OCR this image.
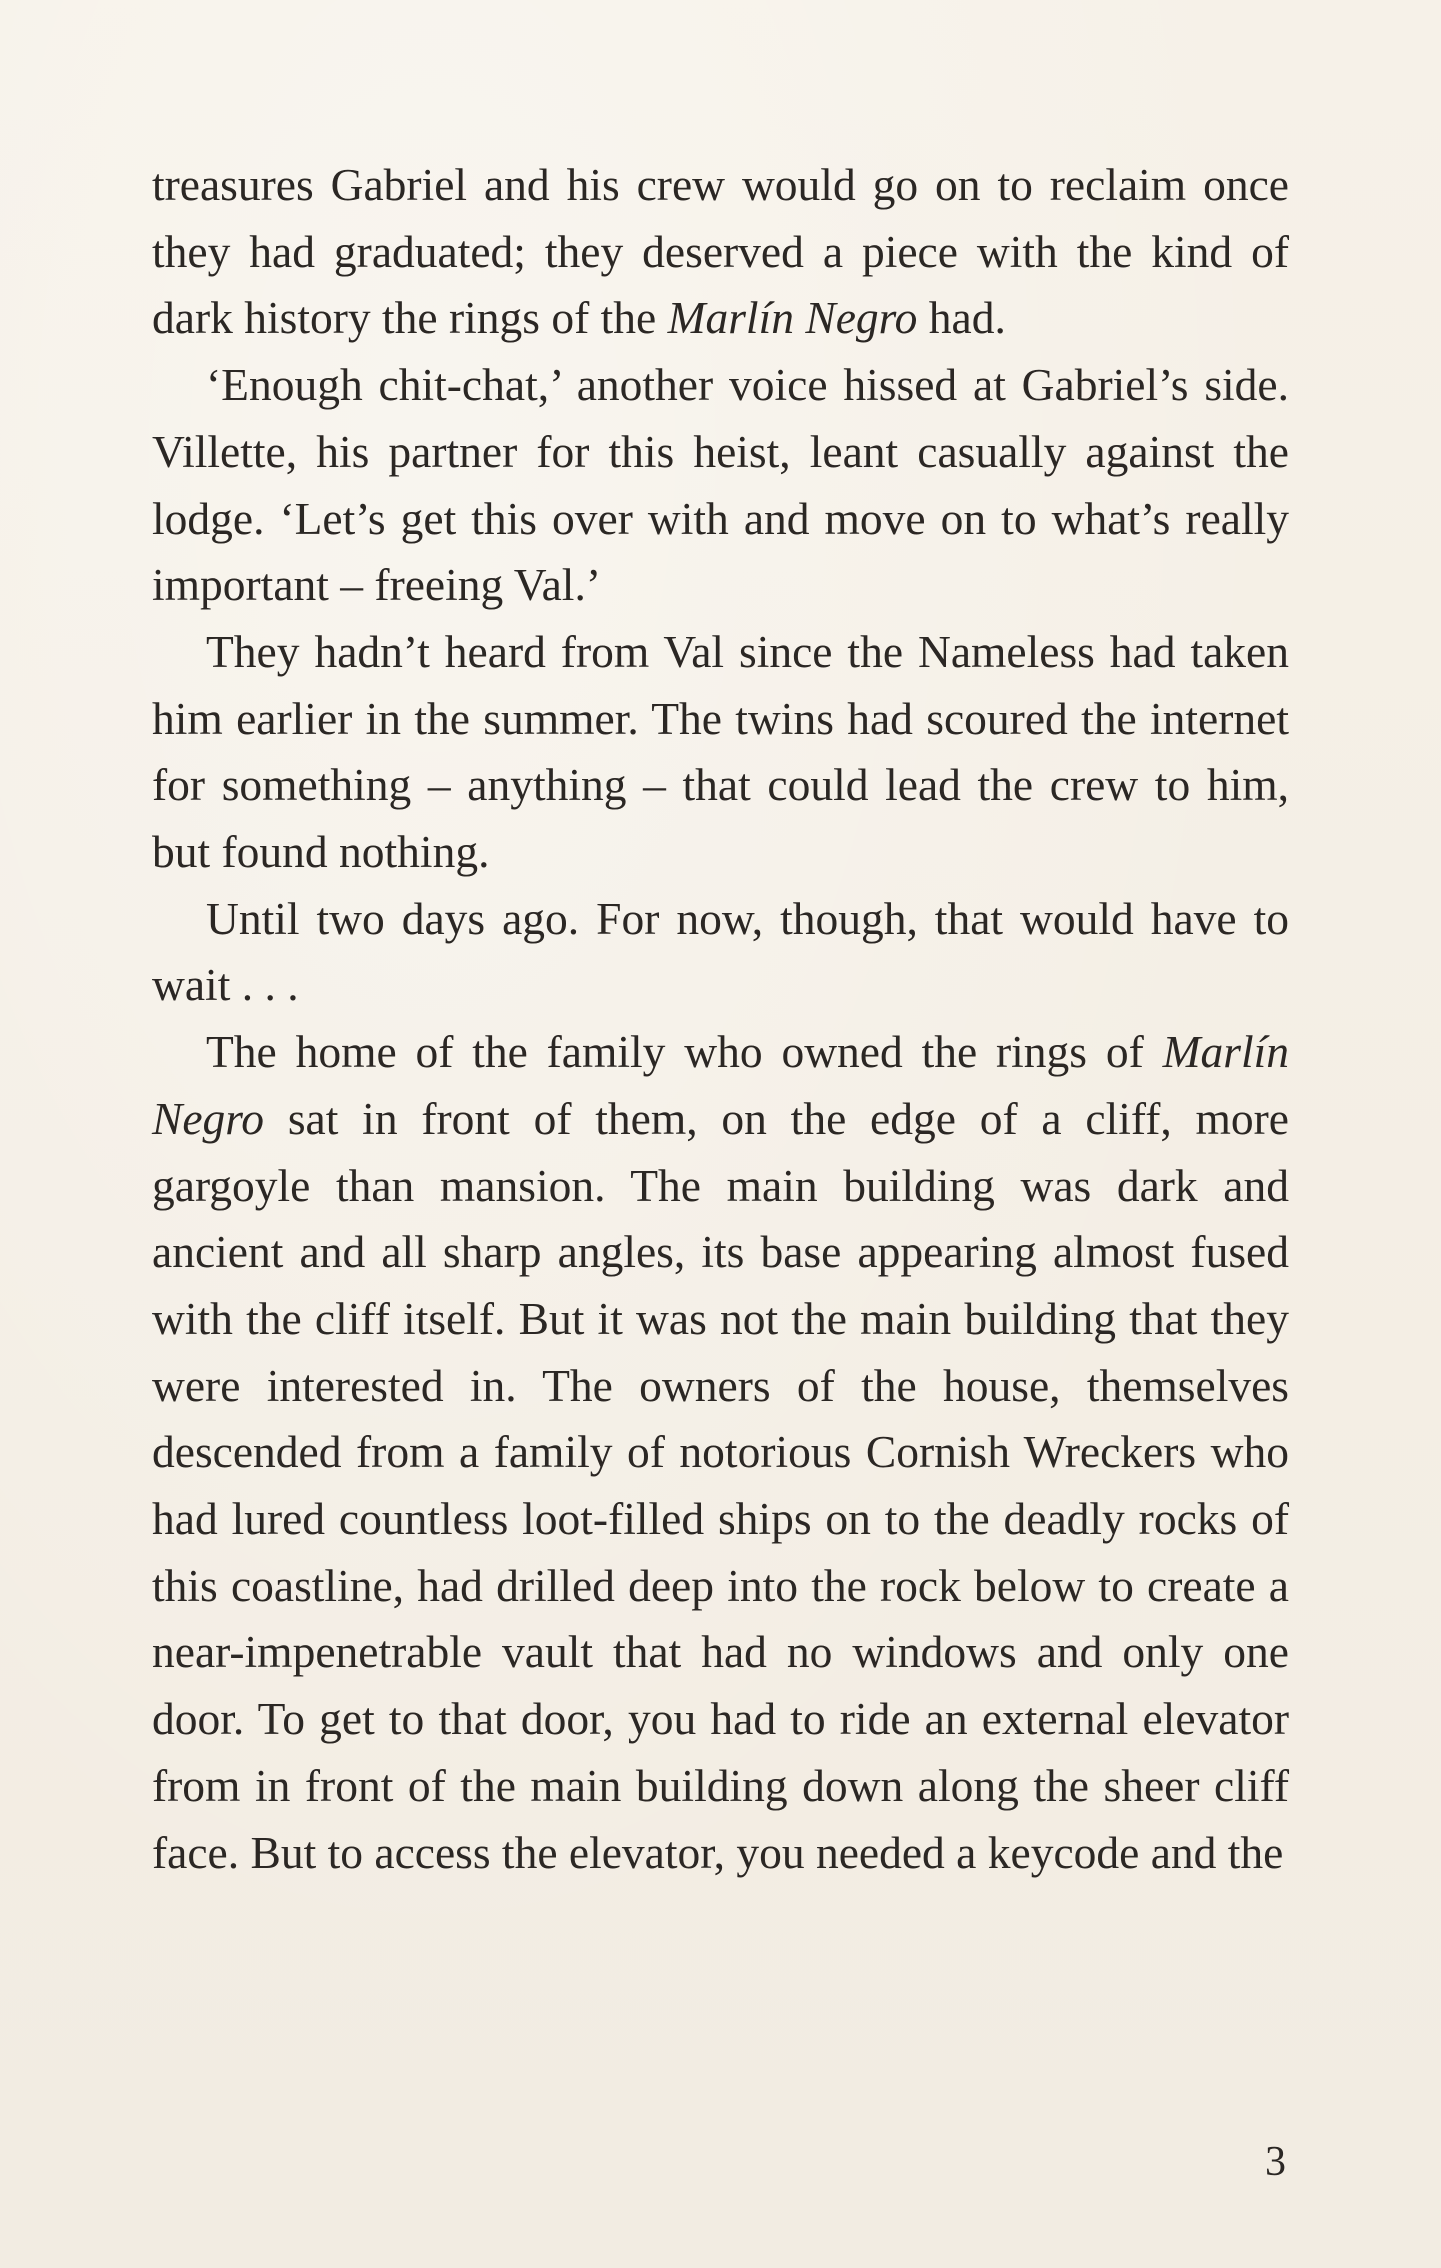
treasures Gabriel and his crew would go on to reclaim once they had graduated; they deserved a piece with the kind of dark history the rings of the Marlín Negro had.

‘Enough chit-chat,’ another voice hissed at Gabriel’s side. Villette, his partner for this heist, leant casually against the lodge. ‘Let’s get this over with and move on to what’s really important – freeing Val.’

They hadn’t heard from Val since the Nameless had taken him earlier in the summer. The twins had scoured the internet for something – anything – that could lead the crew to him, but found nothing.

Until two days ago. For now, though, that would have to wait . . .

The home of the family who owned the rings of Marlín Negro sat in front of them, on the edge of a cliff, more gargoyle than mansion. The main building was dark and ancient and all sharp angles, its base appearing almost fused with the cliff itself. But it was not the main building that they were interested in. The owners of the house, themselves descended from a family of notorious Cornish Wreckers who had lured countless loot-filled ships on to the deadly rocks of this coastline, had drilled deep into the rock below to create a near-impenetrable vault that had no windows and only one door. To get to that door, you had to ride an external elevator from in front of the main building down along the sheer cliff face. But to access the elevator, you needed a keycode and the

3
